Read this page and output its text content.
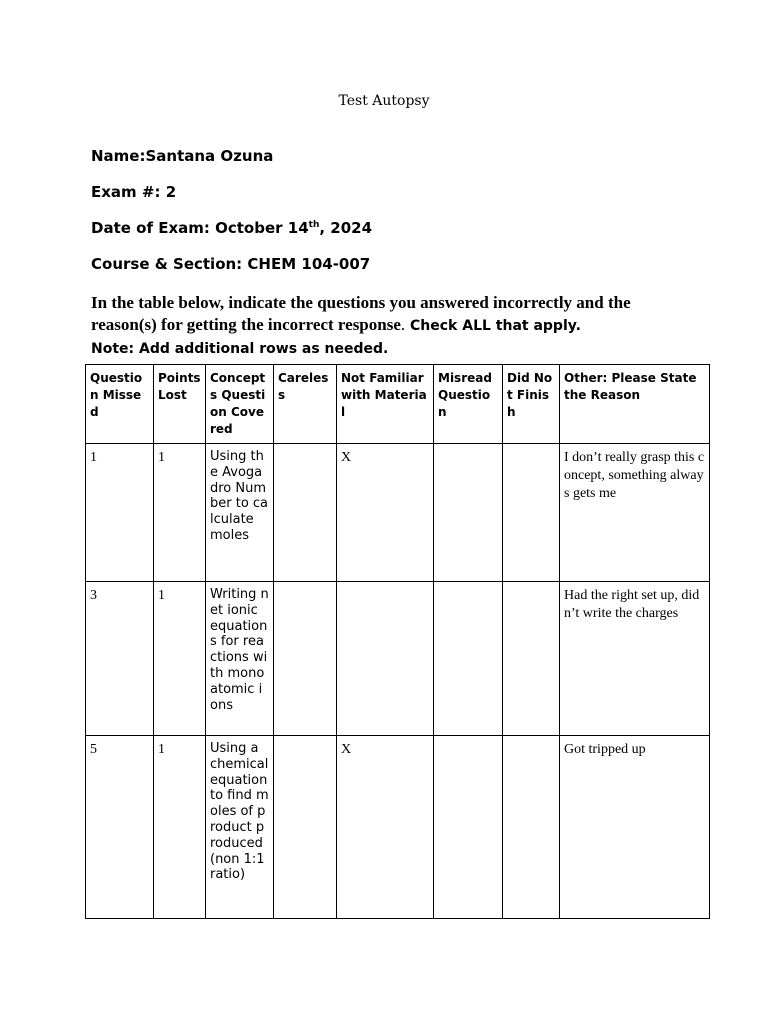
Test Autopsy
Name:Santana Ozuna
Exam #: 2
Date of Exam: October 14th, 2024
Course & Section: CHEM 104-007
In the table below, indicate the questions you answered incorrectly and the reason(s) for getting the incorrect response. Check ALL that apply.
Note: Add additional rows as needed.
Question Missed	Points Lost	Concepts Question Covered	Careless	Not Familiar with Material	Misread Question	Did Not Finish	Other: Please State the Reason
1	1	Using the Avogadro Number to calculate moles		X			I don’t really grasp this concept, something always gets me
3	1	Writing net ionic equations for reactions with monoatomic ions					Had the right set up, didn’t write the charges
5	1	Using a chemical equation to find moles of product produced (non 1:1 ratio)		X			Got tripped up
